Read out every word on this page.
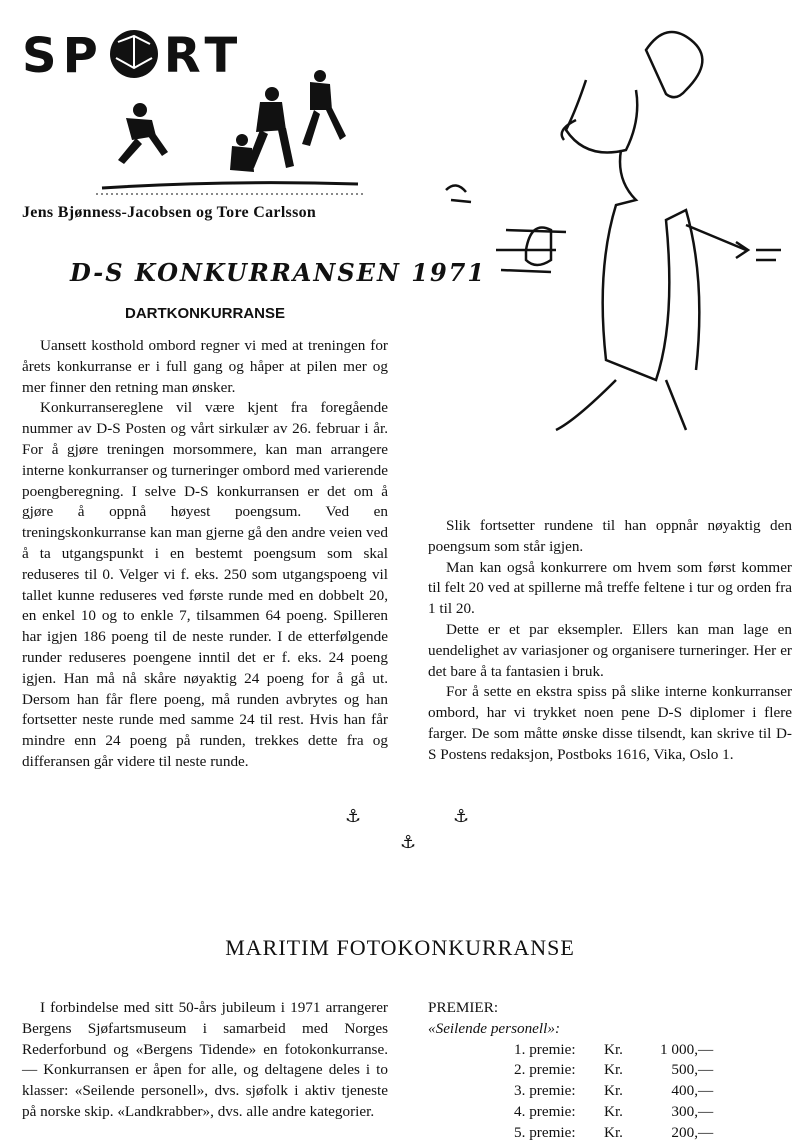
SP RT
Jens Bjønness-Jacobsen og Tore Carlsson
D-S KONKURRANSEN 1971
DARTKONKURRANSE

Uansett kosthold ombord regner vi med at treningen for årets konkurranse er i full gang og håper at pilen mer og mer finner den retning man ønsker.

Konkurransereglene vil være kjent fra foregående nummer av D-S Posten og vårt sirkulær av 26. februar i år. For å gjøre treningen morsommere, kan man arrangere interne konkurranser og turneringer ombord med varierende poengberegning. I selve D-S konkurransen er det om å gjøre å oppnå høyest poengsum. Ved en treningskonkurranse kan man gjerne gå den andre veien ved å ta utgangspunkt i en bestemt poengsum som skal reduseres til 0. Velger vi f. eks. 250 som utgangspoeng vil tallet kunne reduseres ved første runde med en dobbelt 20, en enkel 10 og to enkle 7, tilsammen 64 poeng. Spilleren har igjen 186 poeng til de neste runder. I de etterfølgende runder reduseres poengene inntil det er f. eks. 24 poeng igjen. Han må nå skåre nøyaktig 24 poeng for å gå ut. Dersom han får flere poeng, må runden avbrytes og han fortsetter neste runde med samme 24 til rest. Hvis han får mindre enn 24 poeng på runden, trekkes dette fra og differansen går videre til neste runde.

Slik fortsetter rundene til han oppnår nøyaktig den poengsum som står igjen.

Man kan også konkurrere om hvem som først kommer til felt 20 ved at spillerne må treffe feltene i tur og orden fra 1 til 20.

Dette er et par eksempler. Ellers kan man lage en uendelighet av variasjoner og organisere turneringer. Her er det bare å ta fantasien i bruk.

For å sette en ekstra spiss på slike interne konkurranser ombord, har vi trykket noen pene D-S diplomer i flere farger. De som måtte ønske disse tilsendt, kan skrive til D-S Postens redaksjon, Postboks 1616, Vika, Oslo 1.

⚓	⚓
⚓
MARITIM FOTOKONKURRANSE

I forbindelse med sitt 50-års jubileum i 1971 arrangerer Bergens Sjøfartsmuseum i samarbeid med Norges Rederforbund og «Bergens Tidende» en fotokonkurranse. — Konkurransen er åpen for alle, og deltagene deles i to klasser: «Seilende personell», dvs. sjøfolk i aktiv tjeneste på norske skip. «Landkrabber», dvs. alle andre kategorier.

PREMIER:
«Seilende personell»:
1. premie:	Kr.	1 000, —
2. premie:	Kr.	500, —
3. premie:	Kr.	400, —
4. premie:	Kr.	300, —
5. premie:	Kr.	200, —
